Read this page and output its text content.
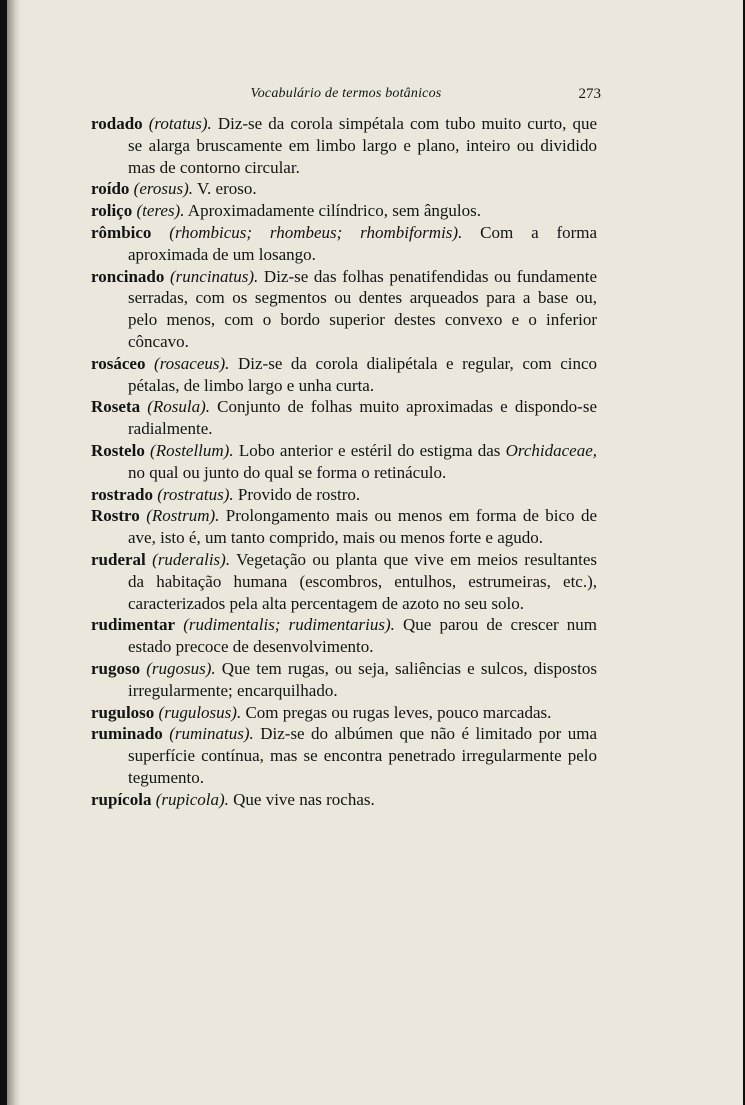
Vocabulário de termos botânicos	273

rodado (rotatus). Diz-se da corola simpétala com tubo muito curto, que se alarga bruscamente em limbo largo e plano, inteiro ou dividido mas de contorno circular.

roído (erosus). V. eroso.

roliço (teres). Aproximadamente cilíndrico, sem ângulos.

rômbico (rhombicus; rhombeus; rhombiformis). Com a forma aproximada de um losango.

roncinado (runcinatus). Diz-se das folhas penatifendidas ou fundamente serradas, com os segmentos ou dentes arqueados para a base ou, pelo menos, com o bordo superior destes convexo e o inferior côncavo.

rosáceo (rosaceus). Diz-se da corola dialipétala e regular, com cinco pétalas, de limbo largo e unha curta.

Roseta (Rosula). Conjunto de folhas muito aproximadas e dispondo-se radialmente.

Rostelo (Rostellum). Lobo anterior e estéril do estigma das Orchidaceae, no qual ou junto do qual se forma o retináculo.

rostrado (rostratus). Provido de rostro.

Rostro (Rostrum). Prolongamento mais ou menos em forma de bico de ave, isto é, um tanto comprido, mais ou menos forte e agudo.

ruderal (ruderalis). Vegetação ou planta que vive em meios resultantes da habitação humana (escombros, entulhos, estrumeiras, etc.), caracterizados pela alta percentagem de azoto no seu solo.

rudimentar (rudimentalis; rudimentarius). Que parou de crescer num estado precoce de desenvolvimento.

rugoso (rugosus). Que tem rugas, ou seja, saliências e sulcos, dispostos irregularmente; encarquilhado.

ruguloso (rugulosus). Com pregas ou rugas leves, pouco marcadas.

ruminado (ruminatus). Diz-se do albúmen que não é limitado por uma superfície contínua, mas se encontra penetrado irregularmente pelo tegumento.

rupícola (rupicola). Que vive nas rochas.
